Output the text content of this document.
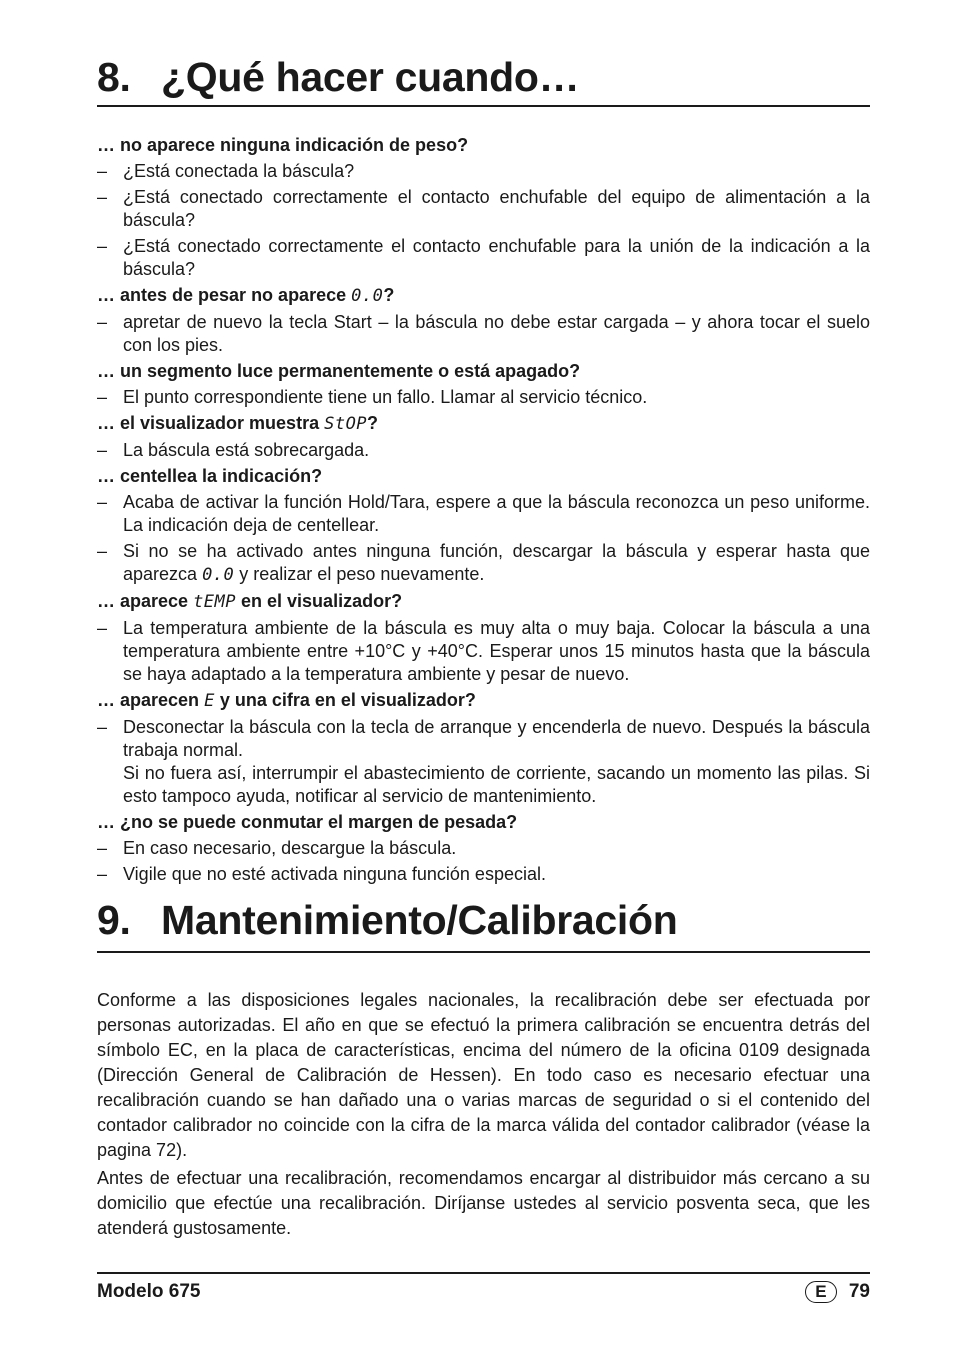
8. ¿Qué hacer cuando…
… no aparece ninguna indicación de peso?
– ¿Está conectada la báscula?
– ¿Está conectado correctamente el contacto enchufable del equipo de alimentación a la báscula?
– ¿Está conectado correctamente el contacto enchufable para la unión de la indicación a la báscula?
… antes de pesar no aparece 0.0?
– apretar de nuevo la tecla Start – la báscula no debe estar cargada – y ahora tocar el suelo con los pies.
… un segmento luce permanentemente o está apagado?
– El punto correspondiente tiene un fallo. Llamar al servicio técnico.
… el visualizador muestra StOP?
– La báscula está sobrecargada.
… centellea la indicación?
– Acaba de activar la función Hold/Tara, espere a que la báscula reconozca un peso uniforme. La indicación deja de centellear.
– Si no se ha activado antes ninguna función, descargar la báscula y esperar hasta que aparezca 0.0 y realizar el peso nuevamente.
… aparece tEMP en el visualizador?
– La temperatura ambiente de la báscula es muy alta o muy baja. Colocar la báscula a una temperatura ambiente entre +10°C y +40°C. Esperar unos 15 minutos hasta que la báscula se haya adaptado a la temperatura ambiente y pesar de nuevo.
… aparecen E y una cifra en el visualizador?
– Desconectar la báscula con la tecla de arranque y encenderla de nuevo. Después la báscula trabaja normal.
Si no fuera así, interrumpir el abastecimiento de corriente, sacando un momento las pilas. Si esto tampoco ayuda, notificar al servicio de mantenimiento.
… ¿no se puede conmutar el margen de pesada?
– En caso necesario, descargue la báscula.
– Vigile que no esté activada ninguna función especial.
9. Mantenimiento/Calibración

Conforme a las disposiciones legales nacionales, la recalibración debe ser efectuada por personas autorizadas. El año en que se efectuó la primera calibración se encuentra detrás del símbolo EC, en la placa de características, encima del número de la oficina 0109 designada (Dirección General de Calibración de Hessen). En todo caso es necesario efectuar una recalibración cuando se han dañado una o varias marcas de seguridad o si el contenido del contador calibrador no coincide con la cifra de la marca válida del contador calibrador (véase la pagina 72).

Antes de efectuar una recalibración, recomendamos encargar al distribuidor más cercano a su domicilio que efectúe una recalibración. Diríjanse ustedes al servicio posventa seca, que les atenderá gustosamente.

Modelo 675	E	79
